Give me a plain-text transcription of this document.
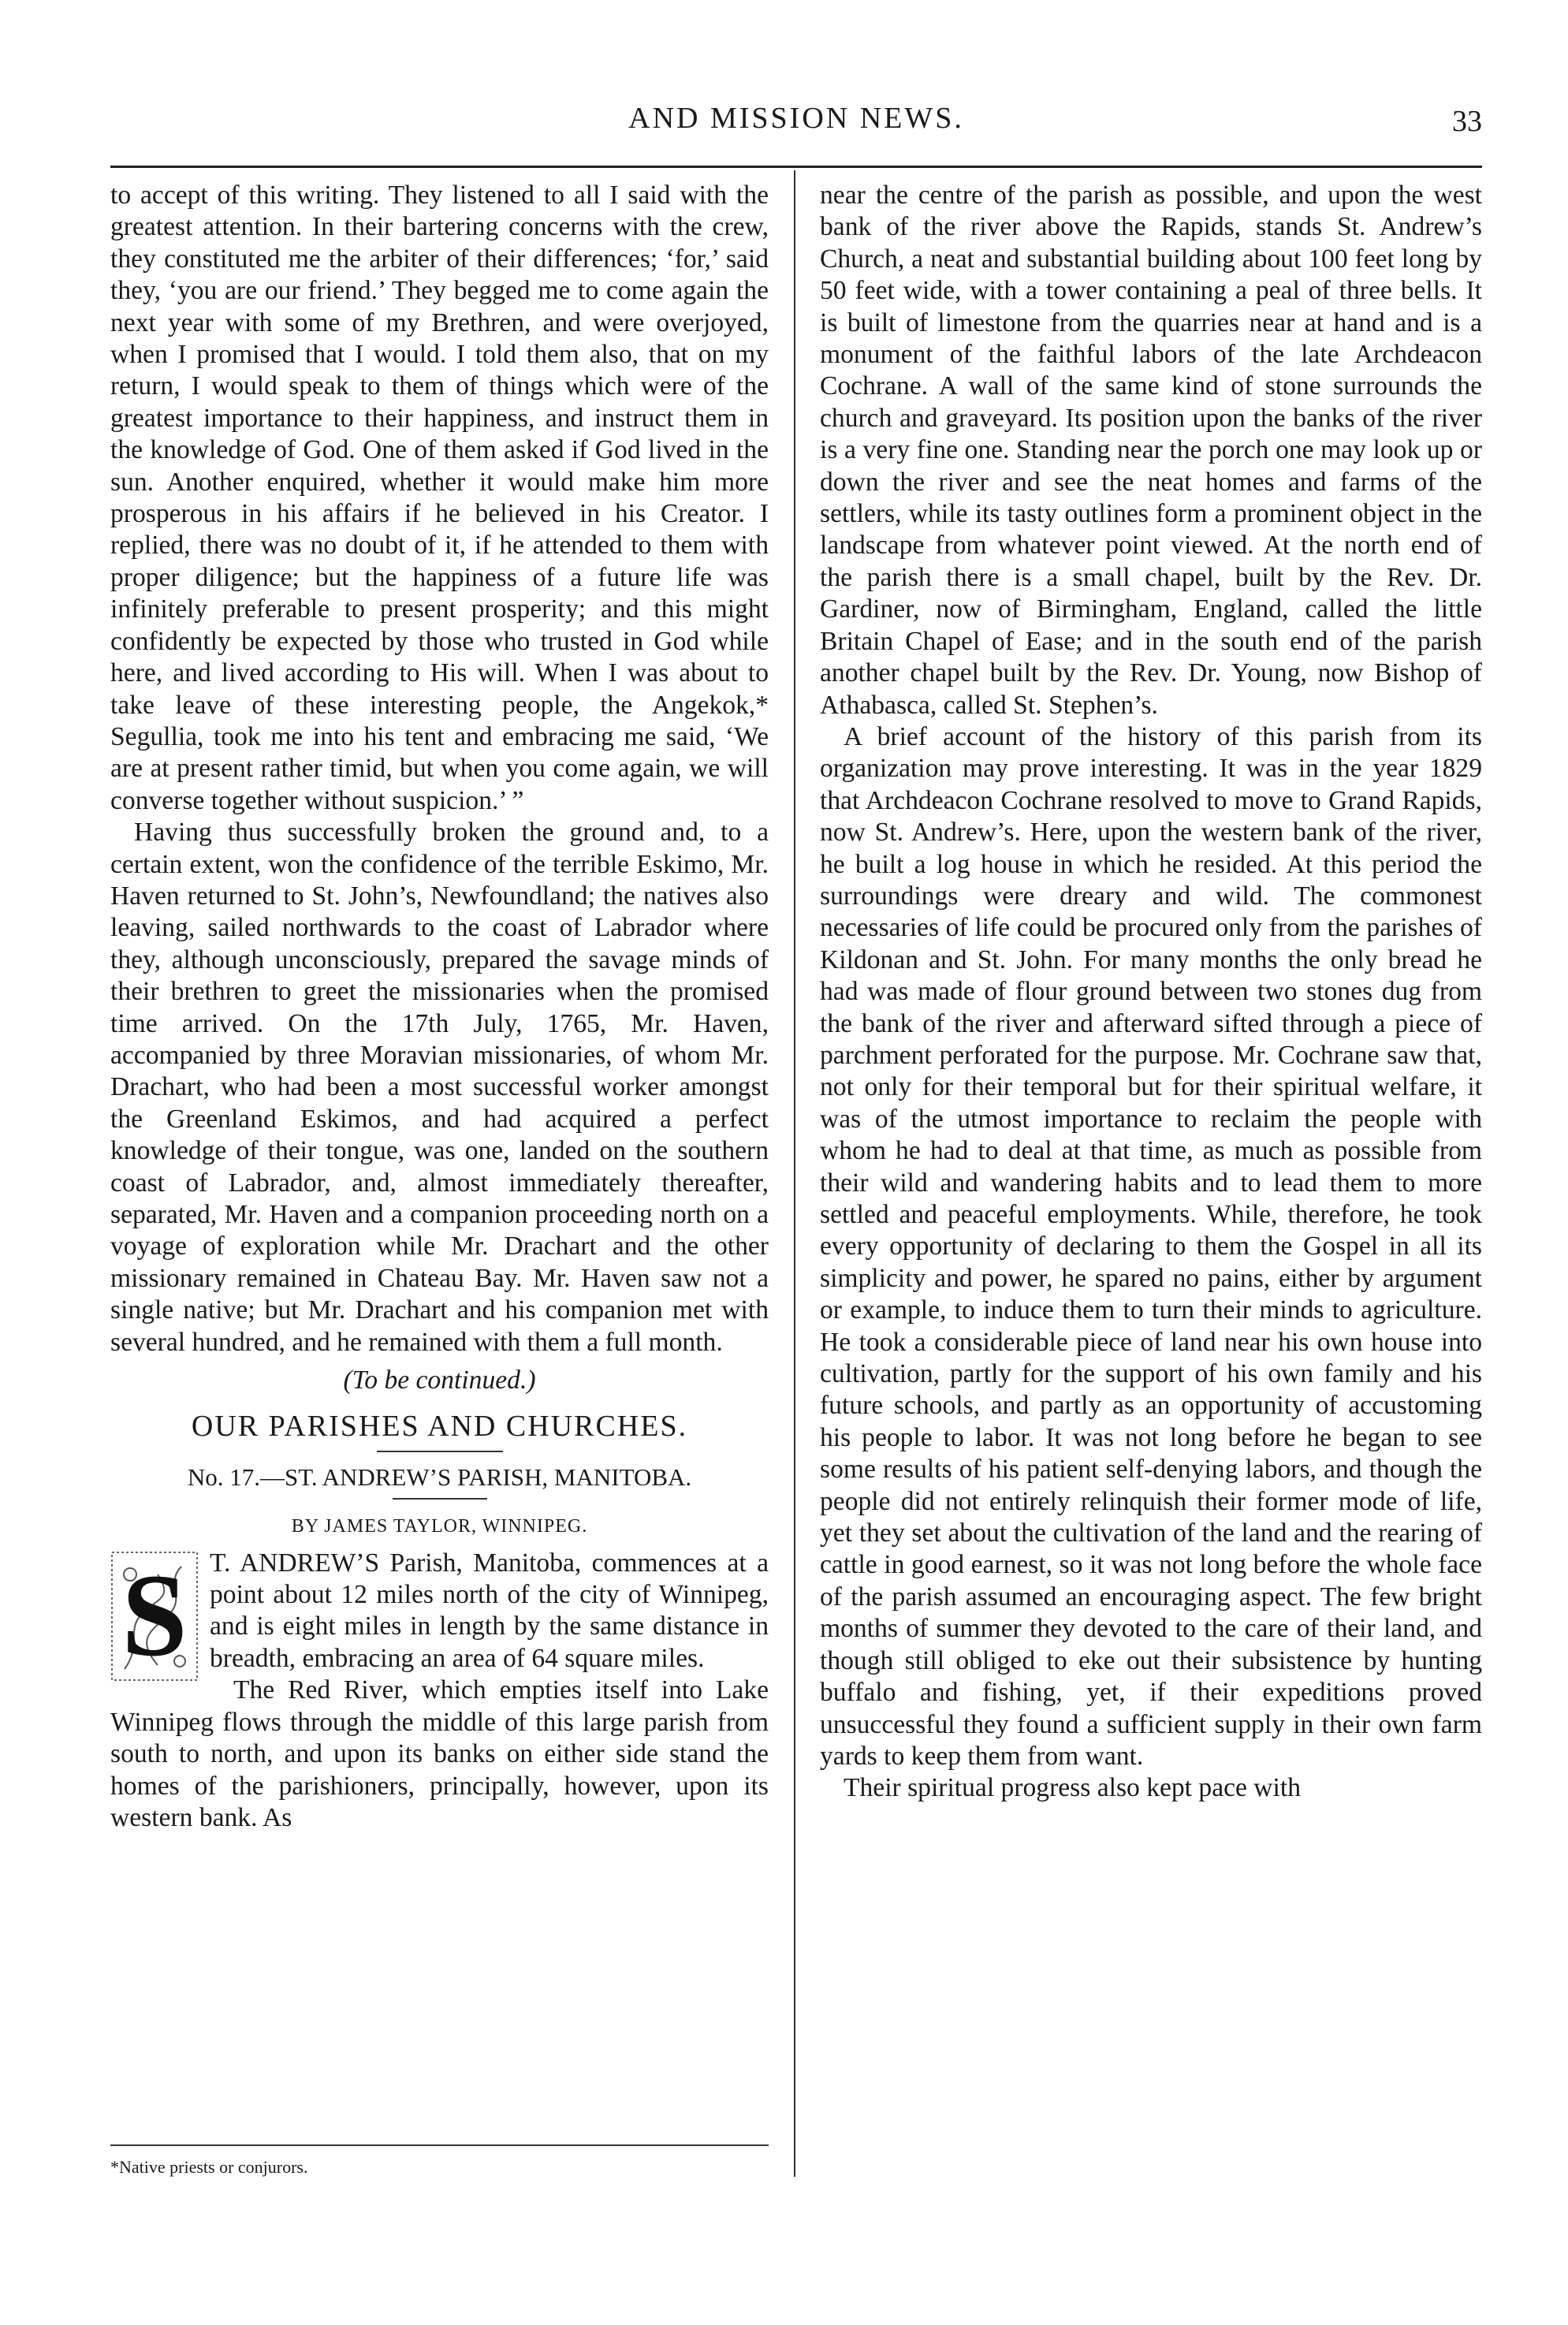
AND MISSION NEWS.	33

to accept of this writing. They listened to all I said with the greatest attention. In their bartering concerns with the crew, they constituted me the arbiter of their differences; ‘for,’ said they, ‘you are our friend.’ They begged me to come again the next year with some of my Brethren, and were overjoyed, when I promised that I would. I told them also, that on my return, I would speak to them of things which were of the greatest importance to their happiness, and instruct them in the knowledge of God. One of them asked if God lived in the sun. Another enquired, whether it would make him more prosperous in his affairs if he believed in his Creator. I replied, there was no doubt of it, if he attended to them with proper diligence; but the happiness of a future life was infinitely preferable to present prosperity; and this might confidently be expected by those who trusted in God while here, and lived according to His will. When I was about to take leave of these interesting people, the Angekok,* Segullia, took me into his tent and embracing me said, ‘We are at present rather timid, but when you come again, we will converse together without suspicion.’ ”

Having thus successfully broken the ground and, to a certain extent, won the confidence of the terrible Eskimo, Mr. Haven returned to St. John’s, Newfoundland; the natives also leaving, sailed northwards to the coast of Labrador where they, although unconsciously, prepared the savage minds of their brethren to greet the missionaries when the promised time arrived. On the 17th July, 1765, Mr. Haven, accompanied by three Moravian missionaries, of whom Mr. Drachart, who had been a most successful worker amongst the Greenland Eskimos, and had acquired a perfect knowledge of their tongue, was one, landed on the southern coast of Labrador, and, almost immediately thereafter, separated, Mr. Haven and a companion proceeding north on a voyage of exploration while Mr. Drachart and the other missionary remained in Chateau Bay. Mr. Haven saw not a single native; but Mr. Drachart and his companion met with several hundred, and he remained with them a full month.

(To be continued.)

OUR PARISHES AND CHURCHES.

No. 17.—ST. ANDREW’S PARISH, MANITOBA.

BY JAMES TAYLOR, WINNIPEG.

S T. ANDREW’S Parish, Manitoba, commences at a point about 12 miles north of the city of Winnipeg, and is eight miles in length by the same distance in breadth, embracing an area of 64 square miles.

The Red River, which empties itself into Lake Winnipeg flows through the middle of this large parish from south to north, and upon its banks on either side stand the homes of the parishioners, principally, however, upon its western bank. As

*Native priests or conjurors.

near the centre of the parish as possible, and upon the west bank of the river above the Rapids, stands St. Andrew’s Church, a neat and substantial building about 100 feet long by 50 feet wide, with a tower containing a peal of three bells. It is built of limestone from the quarries near at hand and is a monument of the faithful labors of the late Archdeacon Cochrane. A wall of the same kind of stone surrounds the church and graveyard. Its position upon the banks of the river is a very fine one. Standing near the porch one may look up or down the river and see the neat homes and farms of the settlers, while its tasty outlines form a prominent object in the landscape from whatever point viewed. At the north end of the parish there is a small chapel, built by the Rev. Dr. Gardiner, now of Birmingham, England, called the little Britain Chapel of Ease; and in the south end of the parish another chapel built by the Rev. Dr. Young, now Bishop of Athabasca, called St. Stephen’s.

A brief account of the history of this parish from its organization may prove interesting. It was in the year 1829 that Archdeacon Cochrane resolved to move to Grand Rapids, now St. Andrew’s. Here, upon the western bank of the river, he built a log house in which he resided. At this period the surroundings were dreary and wild. The commonest necessaries of life could be procured only from the parishes of Kildonan and St. John. For many months the only bread he had was made of flour ground between two stones dug from the bank of the river and afterward sifted through a piece of parchment perforated for the purpose. Mr. Cochrane saw that, not only for their temporal but for their spiritual welfare, it was of the utmost importance to reclaim the people with whom he had to deal at that time, as much as possible from their wild and wandering habits and to lead them to more settled and peaceful employments. While, therefore, he took every opportunity of declaring to them the Gospel in all its simplicity and power, he spared no pains, either by argument or example, to induce them to turn their minds to agriculture. He took a considerable piece of land near his own house into cultivation, partly for the support of his own family and his future schools, and partly as an opportunity of accustoming his people to labor. It was not long before he began to see some results of his patient self-denying labors, and though the people did not entirely relinquish their former mode of life, yet they set about the cultivation of the land and the rearing of cattle in good earnest, so it was not long before the whole face of the parish assumed an encouraging aspect. The few bright months of summer they devoted to the care of their land, and though still obliged to eke out their subsistence by hunting buffalo and fishing, yet, if their expeditions proved unsuccessful they found a sufficient supply in their own farm yards to keep them from want.

Their spiritual progress also kept pace with
